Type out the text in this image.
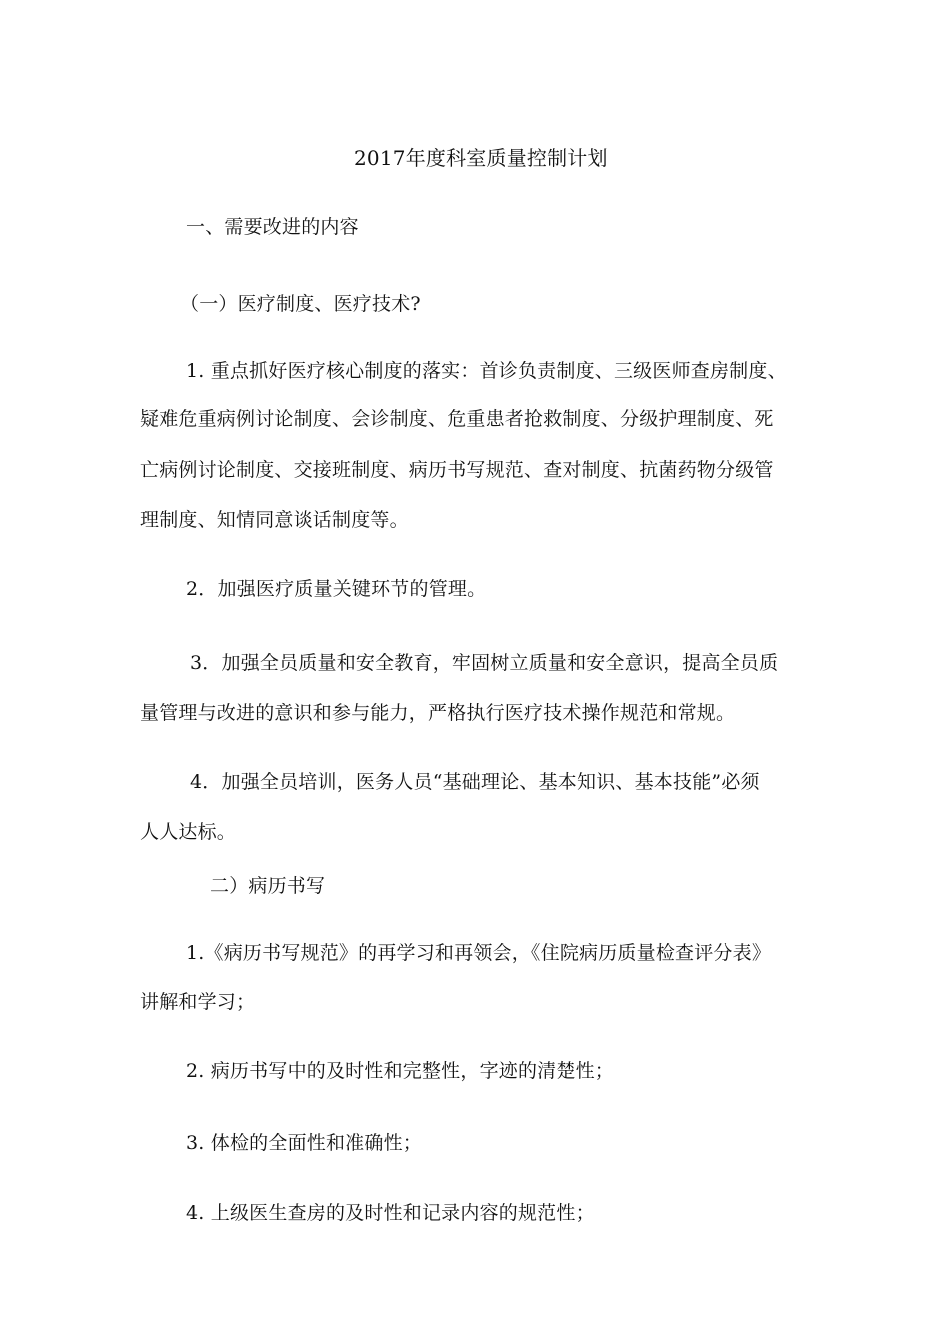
2017年度科室质量控制计划
一、需要改进的内容
（一）医疗制度、医疗技术?
1. 重点抓好医疗核心制度的落实：首诊负责制度、三级医师查房制度、
疑难危重病例讨论制度、会诊制度、危重患者抢救制度、分级护理制度、死
亡病例讨论制度、交接班制度、病历书写规范、查对制度、抗菌药物分级管
理制度、知情同意谈话制度等。
2．加强医疗质量关键环节的管理。
3．加强全员质量和安全教育，牢固树立质量和安全意识，提高全员质
量管理与改进的意识和参与能力，严格执行医疗技术操作规范和常规。
4．加强全员培训，医务人员“基础理论、基本知识、基本技能”必须
人人达标。
二）病历书写
1.《病历书写规范》的再学习和再领会，《住院病历质量检查评分表》
讲解和学习；
2. 病历书写中的及时性和完整性，字迹的清楚性；
3. 体检的全面性和准确性；
4. 上级医生查房的及时性和记录内容的规范性；
